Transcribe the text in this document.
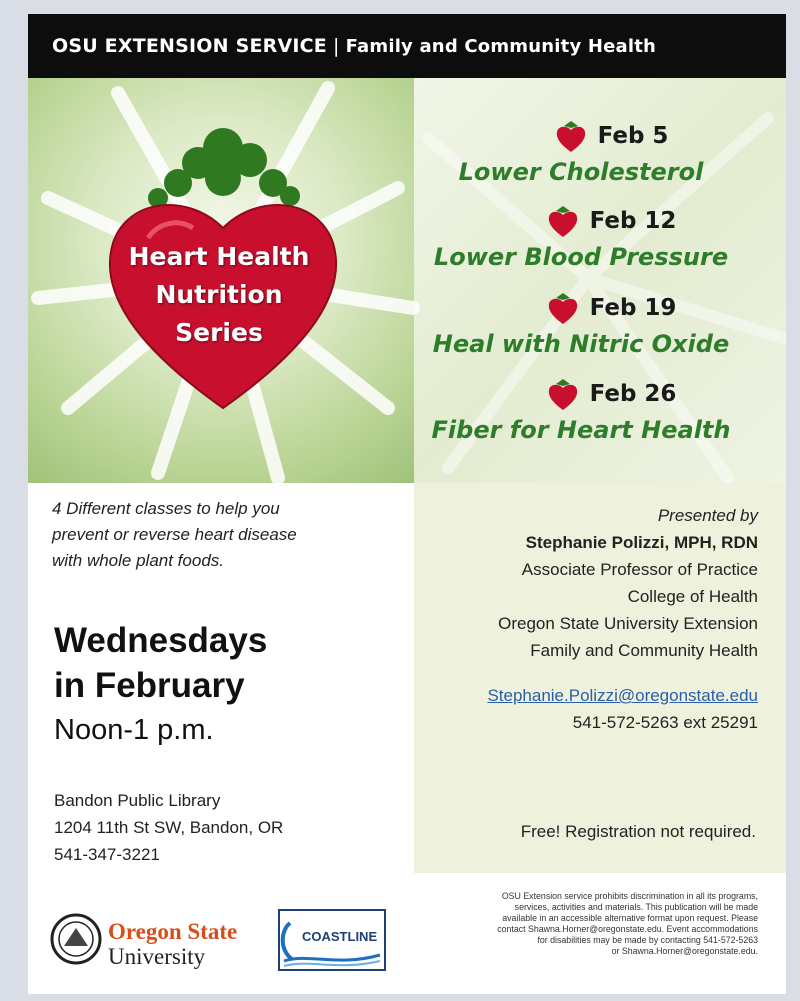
OSU EXTENSION SERVICE | Family and Community Health
Heart Health
Nutrition
Series
Feb 5
Lower Cholesterol
Feb 12
Lower Blood Pressure
Feb 19
Heal with Nitric Oxide
Feb 26
Fiber for Heart Health
4 Different classes to help you
prevent or reverse heart disease
with whole plant foods.
Wednesdays
in February
Noon-1 p.m.
Bandon Public Library
1204 11th St SW, Bandon, OR
541-347-3221
Presented by
Stephanie Polizzi, MPH, RDN
Associate Professor of Practice
College of Health
Oregon State University Extension
Family and Community Health
Stephanie.Polizzi@oregonstate.edu
541-572-5263 ext 25291
Free! Registration not required.
Oregon State
University
COASTLINE
OSU Extension service prohibits discrimination in all its programs,
services, activities and materials. This publication will be made
available in an accessible alternative format upon request. Please
contact Shawna.Horner@oregonstate.edu. Event accommodations
for disabilities may be made by contacting 541-572-5263
or Shawna.Horner@oregonstate.edu.
